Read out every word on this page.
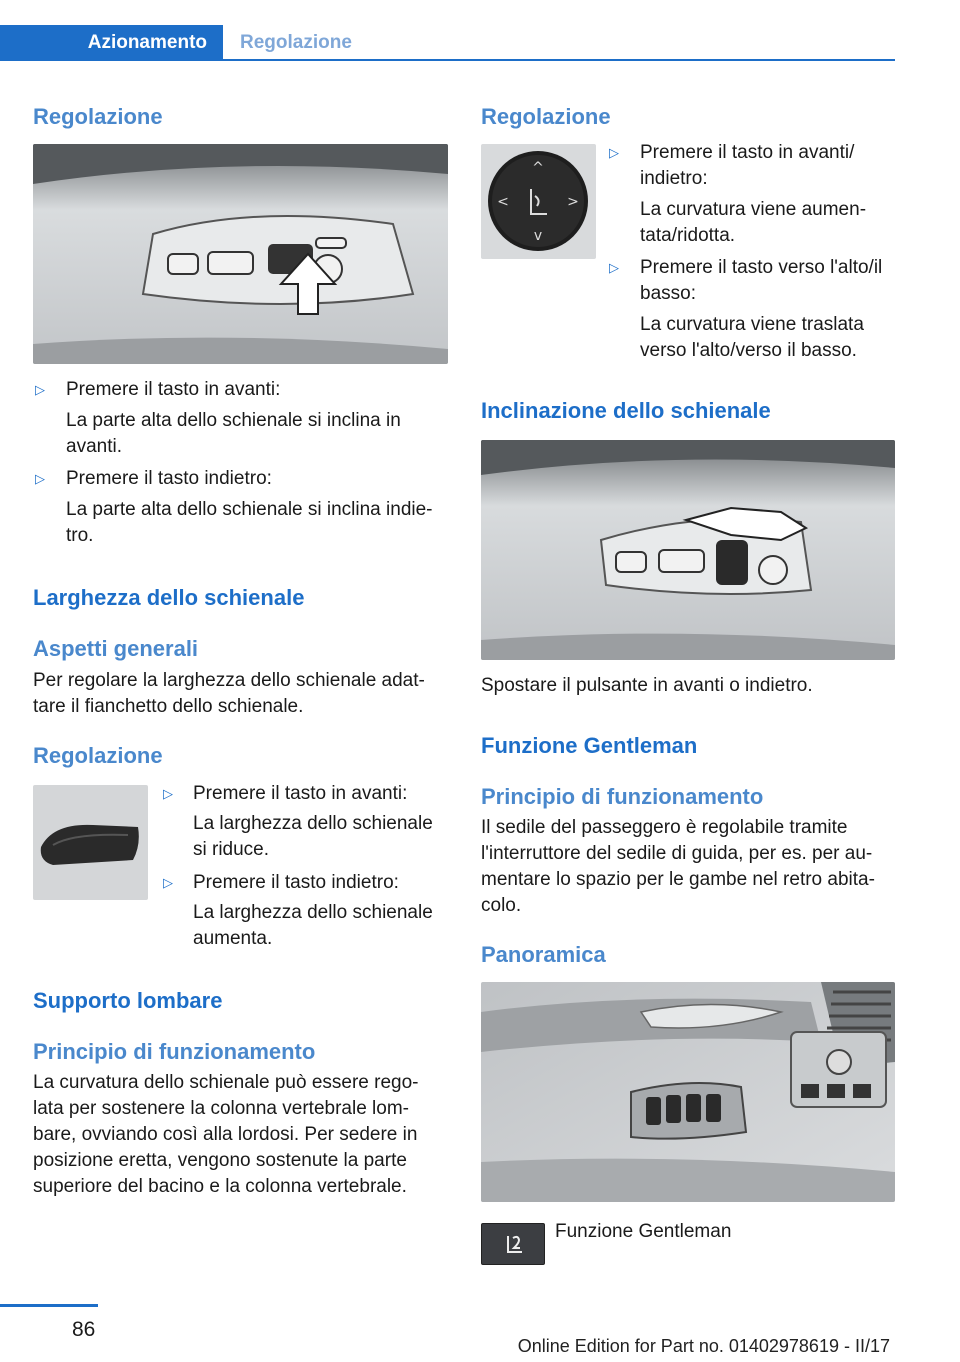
Azionamento	Regolazione
Regolazione
▷ Premere il tasto in avanti:
La parte alta dello schienale si inclina in
avanti.
▷ Premere il tasto indietro:
La parte alta dello schienale si inclina indie-
tro.
Larghezza dello schienale
Aspetti generali
Per regolare la larghezza dello schienale adat-
tare il fianchetto dello schienale.
Regolazione
▷ Premere il tasto in avanti:
La larghezza dello schienale
si riduce.
▷ Premere il tasto indietro:
La larghezza dello schienale
aumenta.
Supporto lombare
Principio di funzionamento
La curvatura dello schienale può essere rego-
lata per sostenere la colonna vertebrale lom-
bare, ovviando così alla lordosi. Per sedere in
posizione eretta, vengono sostenute la parte
superiore del bacino e la colonna vertebrale.
Regolazione
^
v
<	>
▷ Premere il tasto in avanti/
indietro:
La curvatura viene aumen-
tata/ridotta.
▷ Premere il tasto verso l'alto/il
basso:
La curvatura viene traslata
verso l'alto/verso il basso.
Inclinazione dello schienale
Spostare il pulsante in avanti o indietro.
Funzione Gentleman
Principio di funzionamento
Il sedile del passeggero è regolabile tramite
l'interruttore del sedile di guida, per es. per au-
mentare lo spazio per le gambe nel retro abita-
colo.
Panoramica
Funzione Gentleman
86
Online Edition for Part no. 01402978619 - II/17
